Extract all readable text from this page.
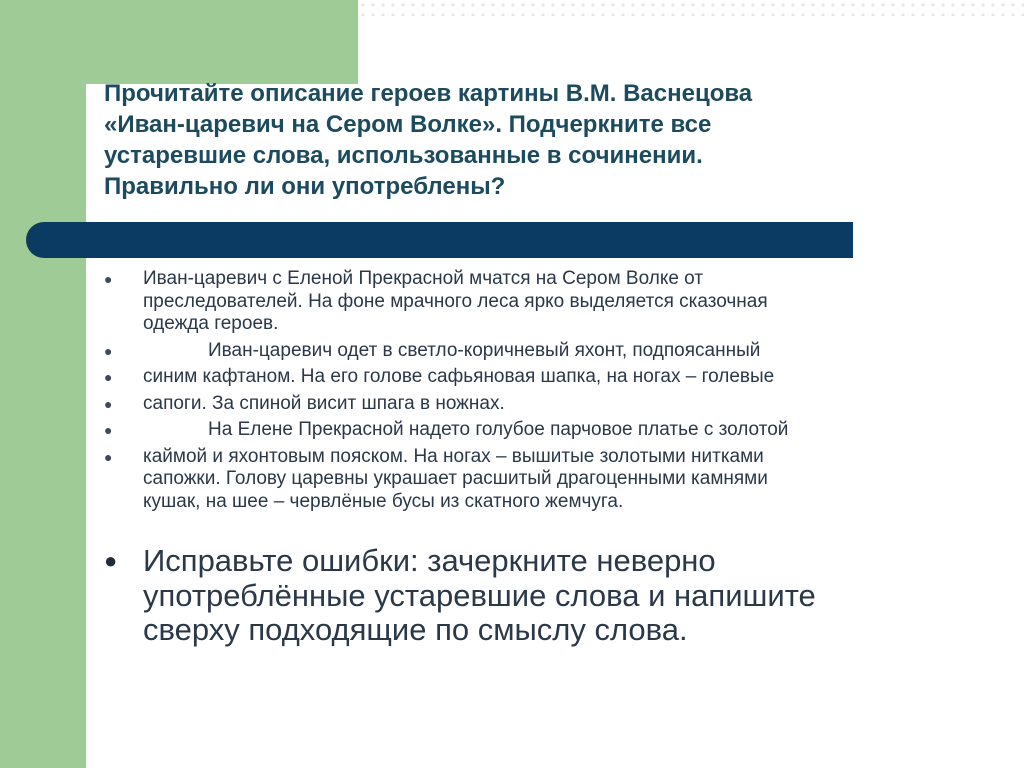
Прочитайте описание героев картины В.М. Васнецова
«Иван-царевич на Сером Волке». Подчеркните все
устаревшие слова, использованные в сочинении.
Правильно ли они употреблены?
● Иван-царевич с Еленой Прекрасной мчатся на Сером Волке от
преследователей. На фоне мрачного леса ярко выделяется сказочная
одежда героев.
●	Иван-царевич одет в светло-коричневый яхонт, подпоясанный
● синим кафтаном. На его голове сафьяновая шапка, на ногах – голевые
● сапоги. За спиной висит шпага в ножнах.
●	На Елене Прекрасной надето голубое парчовое платье с золотой
● каймой и яхонтовым пояском. На ногах – вышитые золотыми нитками
сапожки. Голову царевны украшает расшитый драгоценными камнями
кушак, на шее – червлёные бусы из скатного жемчуга.
● Исправьте ошибки: зачеркните неверно
употреблённые устаревшие слова и напишите
сверху подходящие по смыслу слова.
